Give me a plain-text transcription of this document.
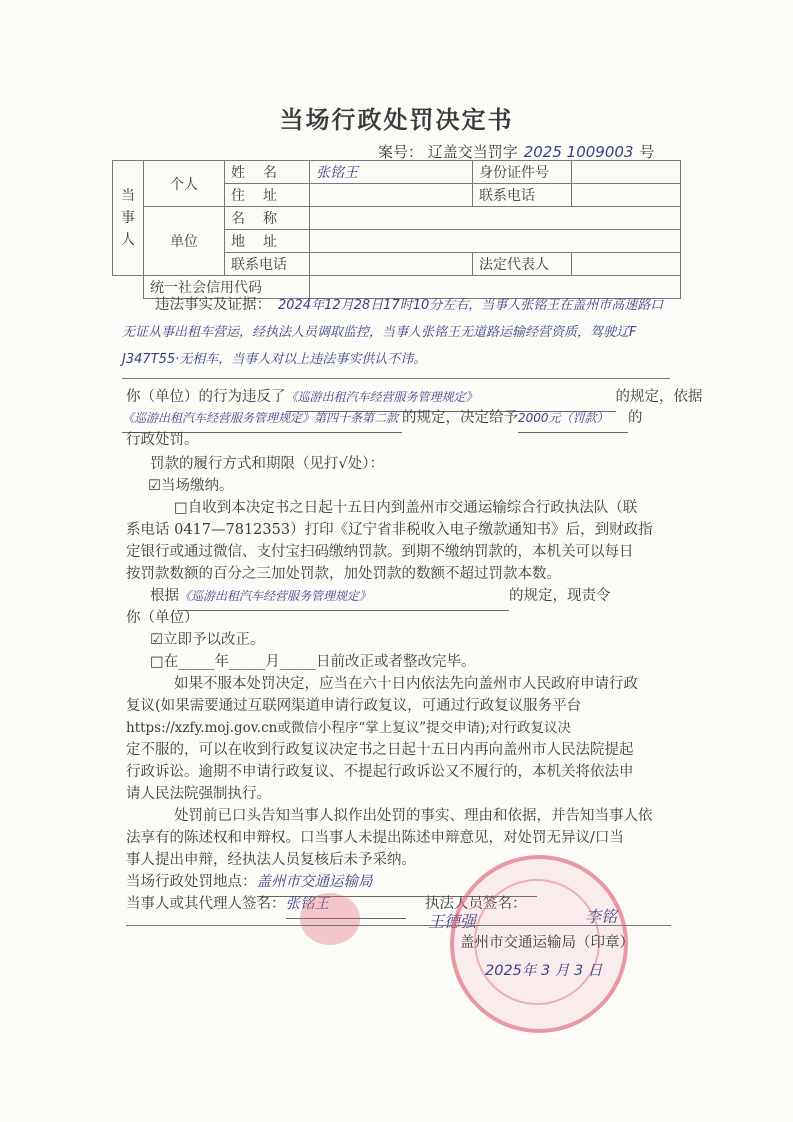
当场行政处罚决定书
案号： 辽盖交当罚字 2025 1009003 号
当事人	个人	姓名	张铭王	身份证件号	
		住址		联系电话	
	单位	名称			
		地址			
		联系电话		法定代表人	
	统一社会信用代码				
违法事实及证据： 2024年12月28日17时10分左右，当事人张铭王在盖州市高速路口
无证从事出租车营运，经执法人员调取监控，当事人张铭王无道路运输经营资质，驾驶辽F
J347T55·无相车，当事人对以上违法事实供认不讳。
你（单位）的行为违反了《巡游出租汽车经营服务管理规定》	的规定，依据
《巡游出租汽车经营服务管理规定》第四十条第二款 的规定，决定给予2000元（罚款） 的
行政处罚。
罚款的履行方式和期限（见打√处）：
☑当场缴纳。
□自收到本决定书之日起十五日内到盖州市交通运输综合行政执法队（联
系电话 0417—7812353）打印《辽宁省非税收入电子缴款通知书》后，到财政指
定银行或通过微信、支付宝扫码缴纳罚款。到期不缴纳罚款的，本机关可以每日
按罚款数额的百分之三加处罚款，加处罚款的数额不超过罚款本数。
根据《巡游出租汽车经营服务管理规定》	的规定，现责令
你（单位）
☑立即予以改正。
□在_____年_____月_____日前改正或者整改完毕。
如果不服本处罚决定，应当在六十日内依法先向盖州市人民政府申请行政
复议(如果需要通过互联网渠道申请行政复议，可通过行政复议服务平台
https://xzfy.moj.gov.cn或微信小程序“掌上复议”提交申请);对行政复议决
定不服的，可以在收到行政复议决定书之日起十五日内再向盖州市人民法院提起
行政诉讼。逾期不申请行政复议、不提起行政诉讼又不履行的，本机关将依法申
请人民法院强制执行。
处罚前已口头告知当事人拟作出处罚的事实、理由和依据，并告知当事人依
法享有的陈述权和申辩权。口当事人未提出陈述申辩意见，对处罚无异议/口当
事人提出申辩，经执法人员复核后未予采纳。
当场行政处罚地点：盖州市交通运输局
当事人或其代理人签名：张铭王	执法人员签名：
王德强	李铭
盖州市交通运输局（印章）
2025年 3 月 3 日
